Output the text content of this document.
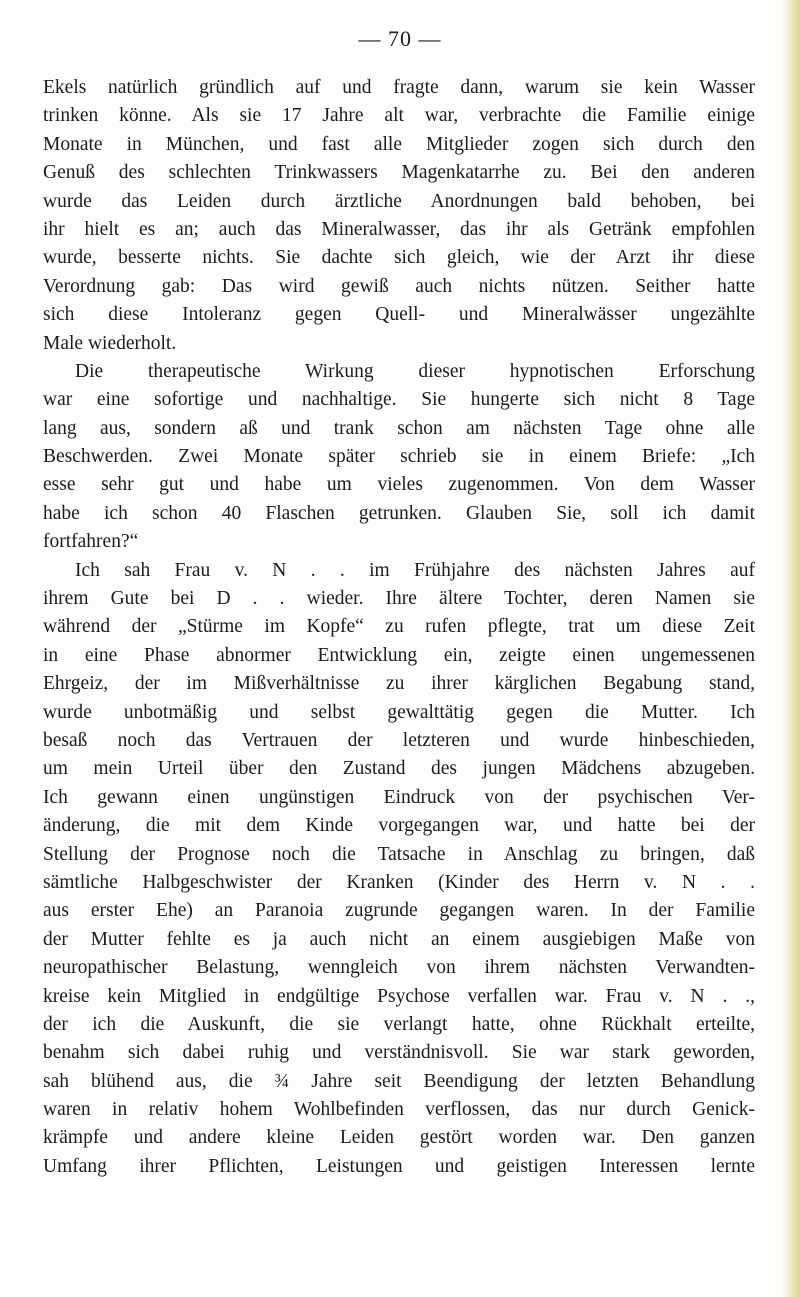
— 70 —
Ekels natürlich gründlich auf und fragte dann, warum sie kein Wasser
trinken könne. Als sie 17 Jahre alt war, verbrachte die Familie einige
Monate in München, und fast alle Mitglieder zogen sich durch den
Genuß des schlechten Trinkwassers Magenkatarrhe zu. Bei den anderen
wurde das Leiden durch ärztliche Anordnungen bald behoben, bei
ihr hielt es an; auch das Mineralwasser, das ihr als Getränk empfohlen
wurde, besserte nichts. Sie dachte sich gleich, wie der Arzt ihr diese
Verordnung gab: Das wird gewiß auch nichts nützen. Seither hatte
sich diese Intoleranz gegen Quell- und Mineralwässer ungezählte
Male wiederholt.
Die therapeutische Wirkung dieser hypnotischen Erforschung
war eine sofortige und nachhaltige. Sie hungerte sich nicht 8 Tage
lang aus, sondern aß und trank schon am nächsten Tage ohne alle
Beschwerden. Zwei Monate später schrieb sie in einem Briefe: „Ich
esse sehr gut und habe um vieles zugenommen. Von dem Wasser
habe ich schon 40 Flaschen getrunken. Glauben Sie, soll ich damit
fortfahren?“
Ich sah Frau v. N . . im Frühjahre des nächsten Jahres auf
ihrem Gute bei D . . wieder. Ihre ältere Tochter, deren Namen sie
während der „Stürme im Kopfe“ zu rufen pflegte, trat um diese Zeit
in eine Phase abnormer Entwicklung ein, zeigte einen ungemessenen
Ehrgeiz, der im Mißverhältnisse zu ihrer kärglichen Begabung stand,
wurde unbotmäßig und selbst gewalttätig gegen die Mutter. Ich
besaß noch das Vertrauen der letzteren und wurde hinbeschieden,
um mein Urteil über den Zustand des jungen Mädchens abzugeben.
Ich gewann einen ungünstigen Eindruck von der psychischen Ver-
änderung, die mit dem Kinde vorgegangen war, und hatte bei der
Stellung der Prognose noch die Tatsache in Anschlag zu bringen, daß
sämtliche Halbgeschwister der Kranken (Kinder des Herrn v. N . .
aus erster Ehe) an Paranoia zugrunde gegangen waren. In der Familie
der Mutter fehlte es ja auch nicht an einem ausgiebigen Maße von
neuropathischer Belastung, wenngleich von ihrem nächsten Verwandten-
kreise kein Mitglied in endgültige Psychose verfallen war. Frau v. N . .,
der ich die Auskunft, die sie verlangt hatte, ohne Rückhalt erteilte,
benahm sich dabei ruhig und verständnisvoll. Sie war stark geworden,
sah blühend aus, die ¾ Jahre seit Beendigung der letzten Behandlung
waren in relativ hohem Wohlbefinden verflossen, das nur durch Genick-
krämpfe und andere kleine Leiden gestört worden war. Den ganzen
Umfang ihrer Pflichten, Leistungen und geistigen Interessen lernte
